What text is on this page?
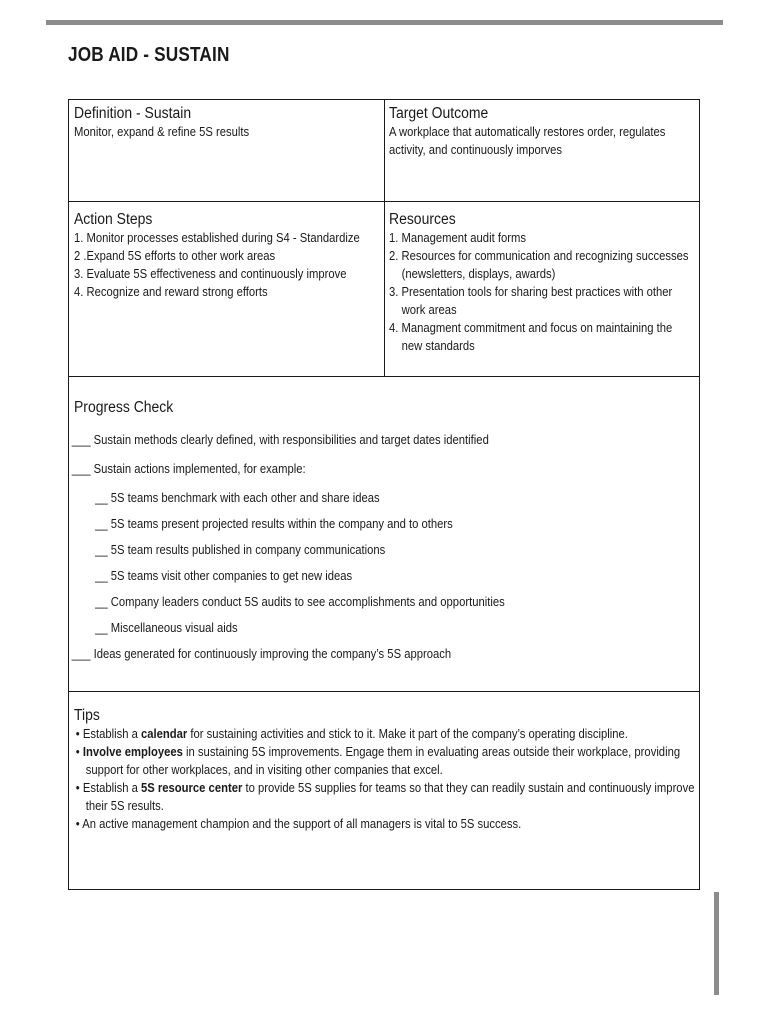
JOB AID - SUSTAIN
Definition - Sustain
Monitor, expand & refine 5S results
Target Outcome
A workplace that automatically restores order, regulates activity, and continuously imporves
Action Steps
1. Monitor processes established during S4 - Standardize
2 .Expand 5S efforts to other work areas
3. Evaluate 5S effectiveness and continuously improve
4. Recognize and reward strong efforts
Resources
1. Management audit forms
2. Resources for communication and recognizing successes (newsletters, displays, awards)
3. Presentation tools for sharing best practices with other work areas
4. Managment commitment and focus on maintaining the new standards
Progress Check
___ Sustain methods clearly defined, with responsibilities and target dates identified
___ Sustain actions implemented, for example:
__ 5S teams benchmark with each other and share ideas
__ 5S teams present projected results within the company and to others
__ 5S team results published in company communications
__ 5S teams visit other companies to get new ideas
__ Company leaders conduct 5S audits to see accomplishments and opportunities
__ Miscellaneous visual aids
___ Ideas generated for continuously improving the company’s 5S approach
Tips
• Establish a calendar for sustaining activities and stick to it. Make it part of the company’s operating discipline.
• Involve employees in sustaining 5S improvements. Engage them in evaluating areas outside their workplace, providing support for other workplaces, and in visiting other companies that excel.
• Establish a 5S resource center to provide 5S supplies for teams so that they can readily sustain and continuously improve their 5S results.
• An active management champion and the support of all managers is vital to 5S success.
